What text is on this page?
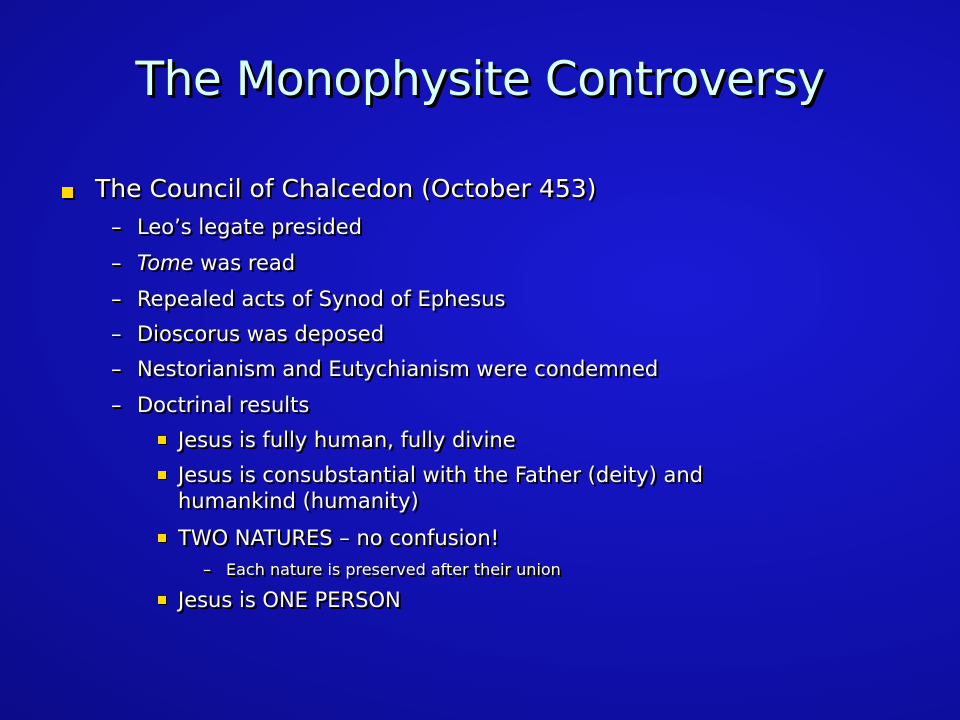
The Monophysite Controversy
The Council of Chalcedon (October 453)
– Leo’s legate presided
– Tome was read
– Repealed acts of Synod of Ephesus
– Dioscorus was deposed
– Nestorianism and Eutychianism were condemned
– Doctrinal results
Jesus is fully human, fully divine
Jesus is consubstantial with the Father (deity) and
humankind (humanity)
TWO NATURES – no confusion!
– Each nature is preserved after their union
Jesus is ONE PERSON
